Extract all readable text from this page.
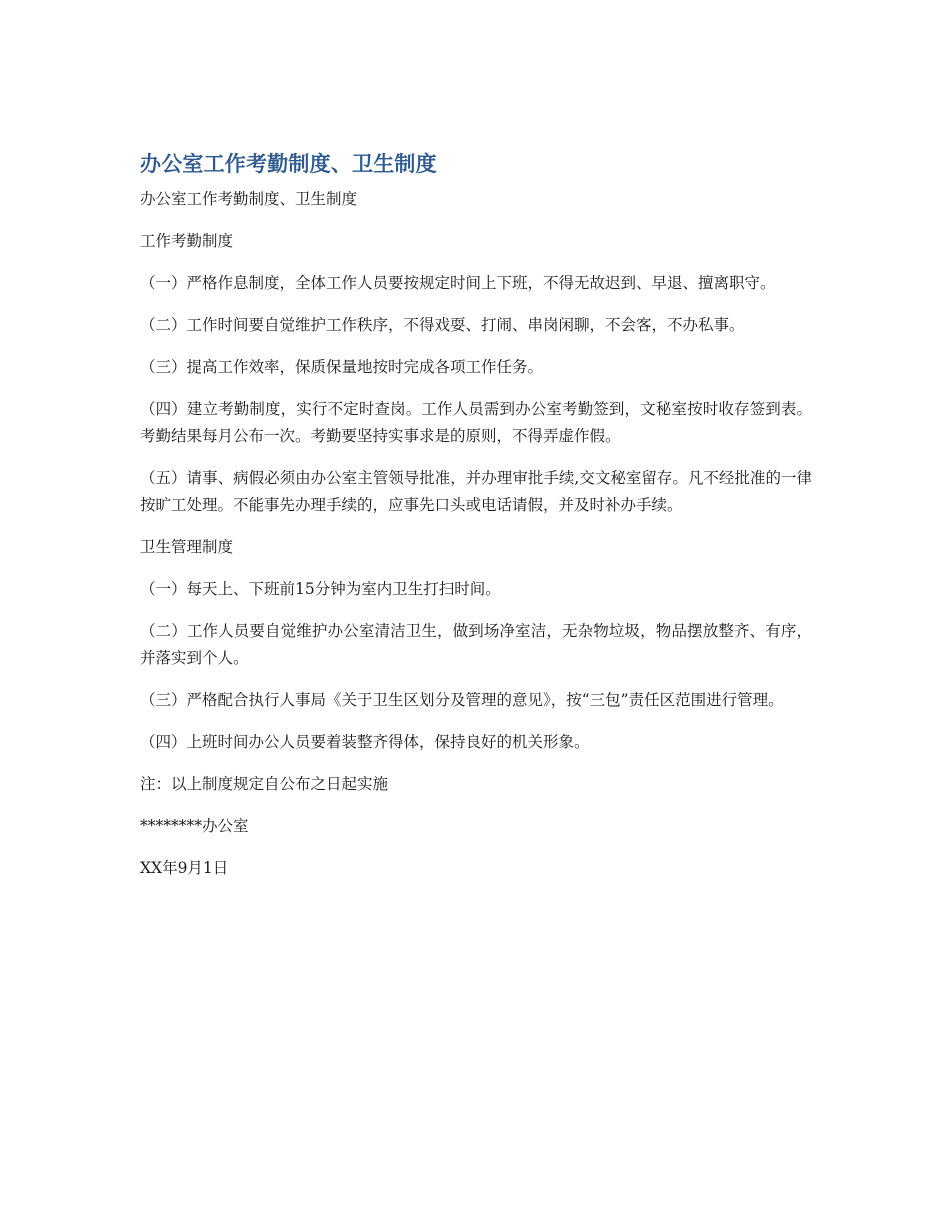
办公室工作考勤制度、卫生制度

办公室工作考勤制度、卫生制度

工作考勤制度

（一）严格作息制度，全体工作人员要按规定时间上下班，不得无故迟到、早退、擅离职守。

（二）工作时间要自觉维护工作秩序，不得戏耍、打闹、串岗闲聊，不会客，不办私事。

（三）提高工作效率，保质保量地按时完成各项工作任务。

（四）建立考勤制度，实行不定时查岗。工作人员需到办公室考勤签到，文秘室按时收存签到表。考勤结果每月公布一次。考勤要坚持实事求是的原则，不得弄虚作假。

（五）请事、病假必须由办公室主管领导批准，并办理审批手续,交文秘室留存。凡不经批准的一律按旷工处理。不能事先办理手续的，应事先口头或电话请假，并及时补办手续。

卫生管理制度

（一）每天上、下班前15分钟为室内卫生打扫时间。

（二）工作人员要自觉维护办公室清洁卫生，做到场净室洁，无杂物垃圾，物品摆放整齐、有序，并落实到个人。

（三）严格配合执行人事局《关于卫生区划分及管理的意见》，按“三包”责任区范围进行管理。

（四）上班时间办公人员要着装整齐得体，保持良好的机关形象。

注：以上制度规定自公布之日起实施

********办公室

XX年9月1日
